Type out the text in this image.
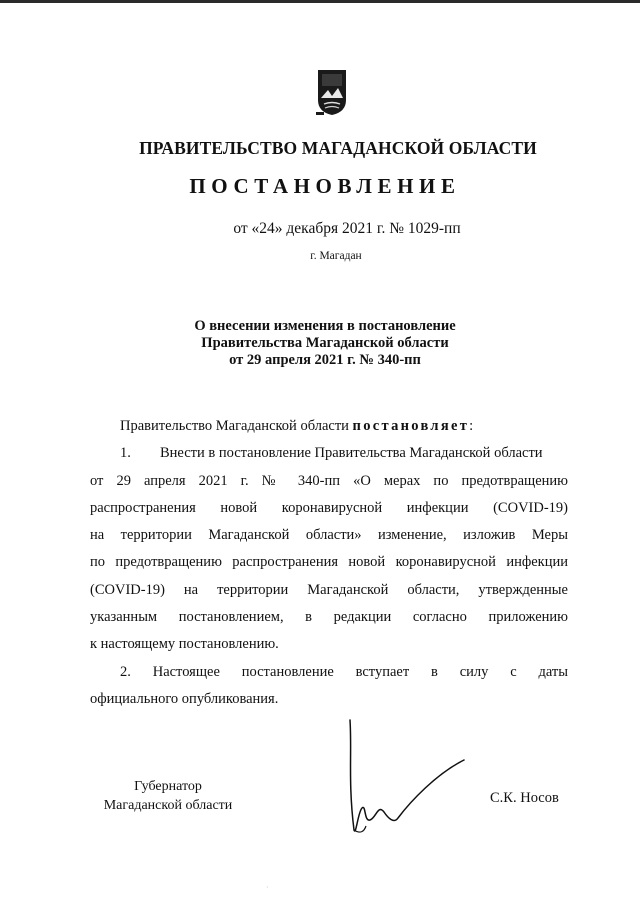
ПРАВИТЕЛЬСТВО МАГАДАНСКОЙ ОБЛАСТИ
ПОСТАНОВЛЕНИЕ
от «24» декабря 2021 г. № 1029-пп
г. Магадан
О внесении изменения в постановление
Правительства Магаданской области
от 29 апреля 2021 г. № 340-пп
Правительство Магаданской области постановляет:
1. Внести в постановление Правительства Магаданской области
от 29 апреля 2021 г. № 340-пп «О мерах по предотвращению
распространения новой коронавирусной инфекции (COVID-19)
на территории Магаданской области» изменение, изложив Меры
по предотвращению распространения новой коронавирусной инфекции
(COVID-19) на территории Магаданской области, утвержденные
указанным постановлением, в редакции согласно приложению
к настоящему постановлению.
2. Настоящее постановление вступает в силу с даты
официального опубликования.
Губернатор
Магаданской области	С.К. Носов
·
